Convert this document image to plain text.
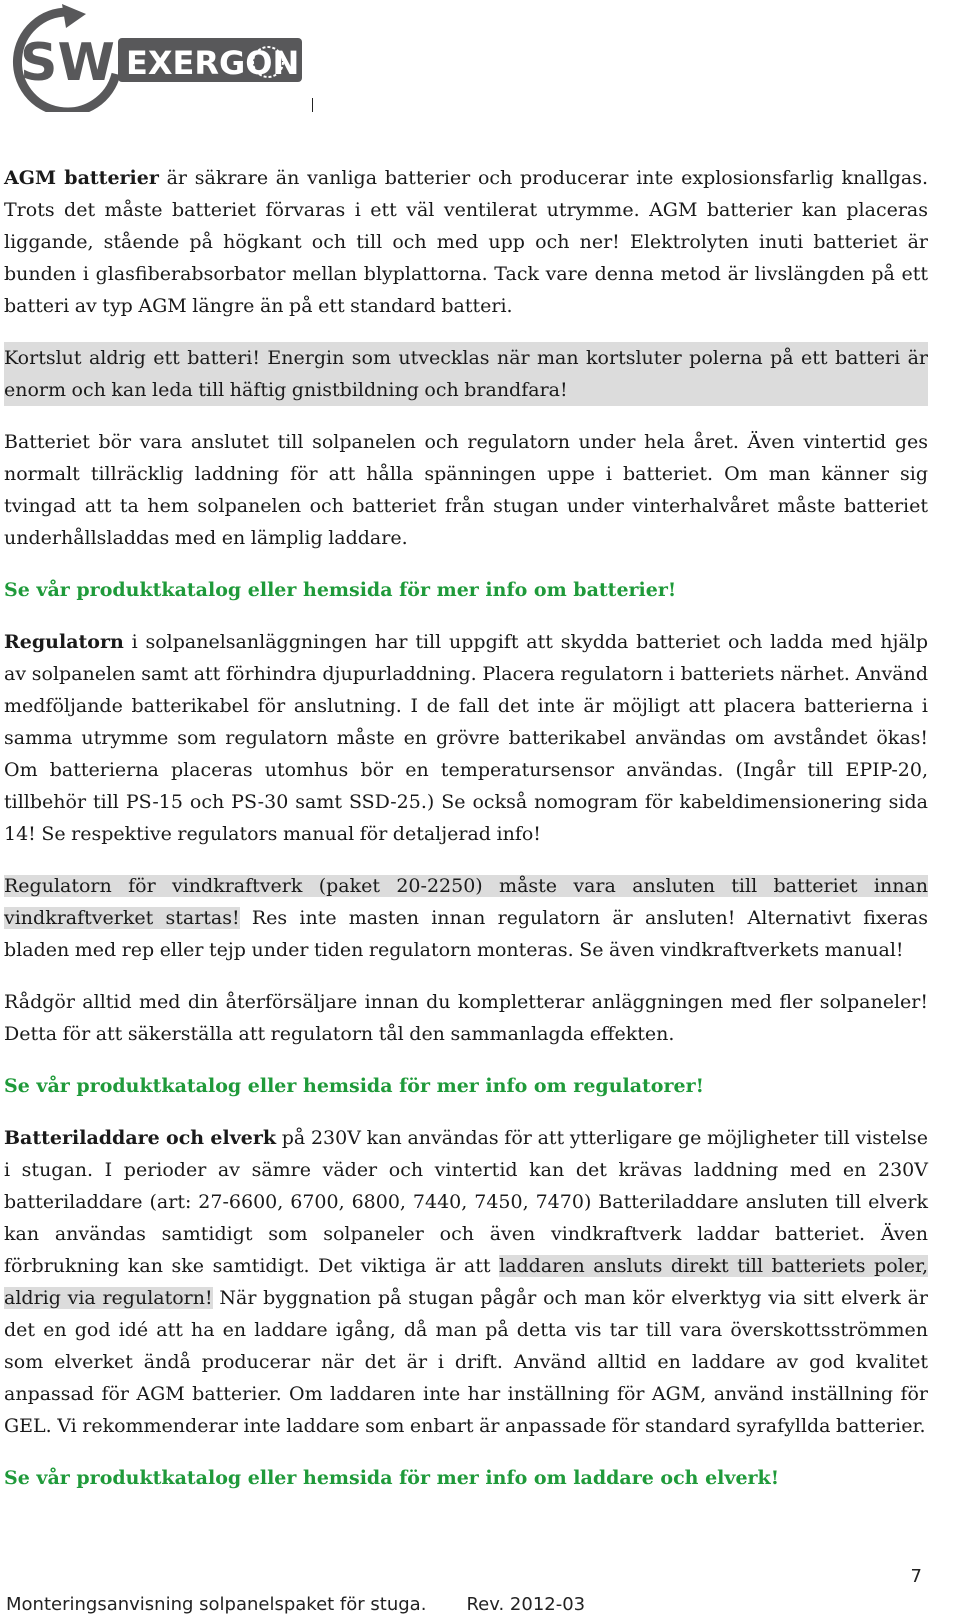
SW EXERGON

AGM batterier är säkrare än vanliga batterier och producerar inte explosionsfarlig knallgas. Trots det måste batteriet förvaras i ett väl ventilerat utrymme. AGM batterier kan placeras liggande, stående på högkant och till och med upp och ner! Elektrolyten inuti batteriet är bunden i glasfiberabsorbator mellan blyplattorna. Tack vare denna metod är livslängden på ett batteri av typ AGM längre än på ett standard batteri.

Kortslut aldrig ett batteri! Energin som utvecklas när man kortsluter polerna på ett batteri är enorm och kan leda till häftig gnistbildning och brandfara!

Batteriet bör vara anslutet till solpanelen och regulatorn under hela året. Även vintertid ges normalt tillräcklig laddning för att hålla spänningen uppe i batteriet. Om man känner sig tvingad att ta hem solpanelen och batteriet från stugan under vinterhalvåret måste batteriet underhållsladdas med en lämplig laddare.

Se vår produktkatalog eller hemsida för mer info om batterier!

Regulatorn i solpanelsanläggningen har till uppgift att skydda batteriet och ladda med hjälp av solpanelen samt att förhindra djupurladdning. Placera regulatorn i batteriets närhet. Använd medföljande batterikabel för anslutning. I de fall det inte är möjligt att placera batterierna i samma utrymme som regulatorn måste en grövre batterikabel användas om avståndet ökas! Om batterierna placeras utomhus bör en temperatursensor användas. (Ingår till EPIP-20, tillbehör till PS-15 och PS-30 samt SSD-25.) Se också nomogram för kabeldimensionering sida 14! Se respektive regulators manual för detaljerad info!

Regulatorn för vindkraftverk (paket 20-2250) måste vara ansluten till batteriet innan vindkraftverket startas! Res inte masten innan regulatorn är ansluten! Alternativt fixeras bladen med rep eller tejp under tiden regulatorn monteras. Se även vindkraftverkets manual!

Rådgör alltid med din återförsäljare innan du kompletterar anläggningen med fler solpaneler! Detta för att säkerställa att regulatorn tål den sammanlagda effekten.

Se vår produktkatalog eller hemsida för mer info om regulatorer!

Batteriladdare och elverk på 230V kan användas för att ytterligare ge möjligheter till vistelse i stugan. I perioder av sämre väder och vintertid kan det krävas laddning med en 230V batteriladdare (art: 27-6600, 6700, 6800, 7440, 7450, 7470) Batteriladdare ansluten till elverk kan användas samtidigt som solpaneler och även vindkraftverk laddar batteriet. Även förbrukning kan ske samtidigt. Det viktiga är att laddaren ansluts direkt till batteriets poler, aldrig via regulatorn! När byggnation på stugan pågår och man kör elverktyg via sitt elverk är det en god idé att ha en laddare igång, då man på detta vis tar till vara överskottsströmmen som elverket ändå producerar när det är i drift. Använd alltid en laddare av god kvalitet anpassad för AGM batterier. Om laddaren inte har inställning för AGM, använd inställning för GEL. Vi rekommenderar inte laddare som enbart är anpassade för standard syrafyllda batterier.

Se vår produktkatalog eller hemsida för mer info om laddare och elverk!

7
Monteringsanvisning solpanelspaket för stuga. Rev. 2012-03
